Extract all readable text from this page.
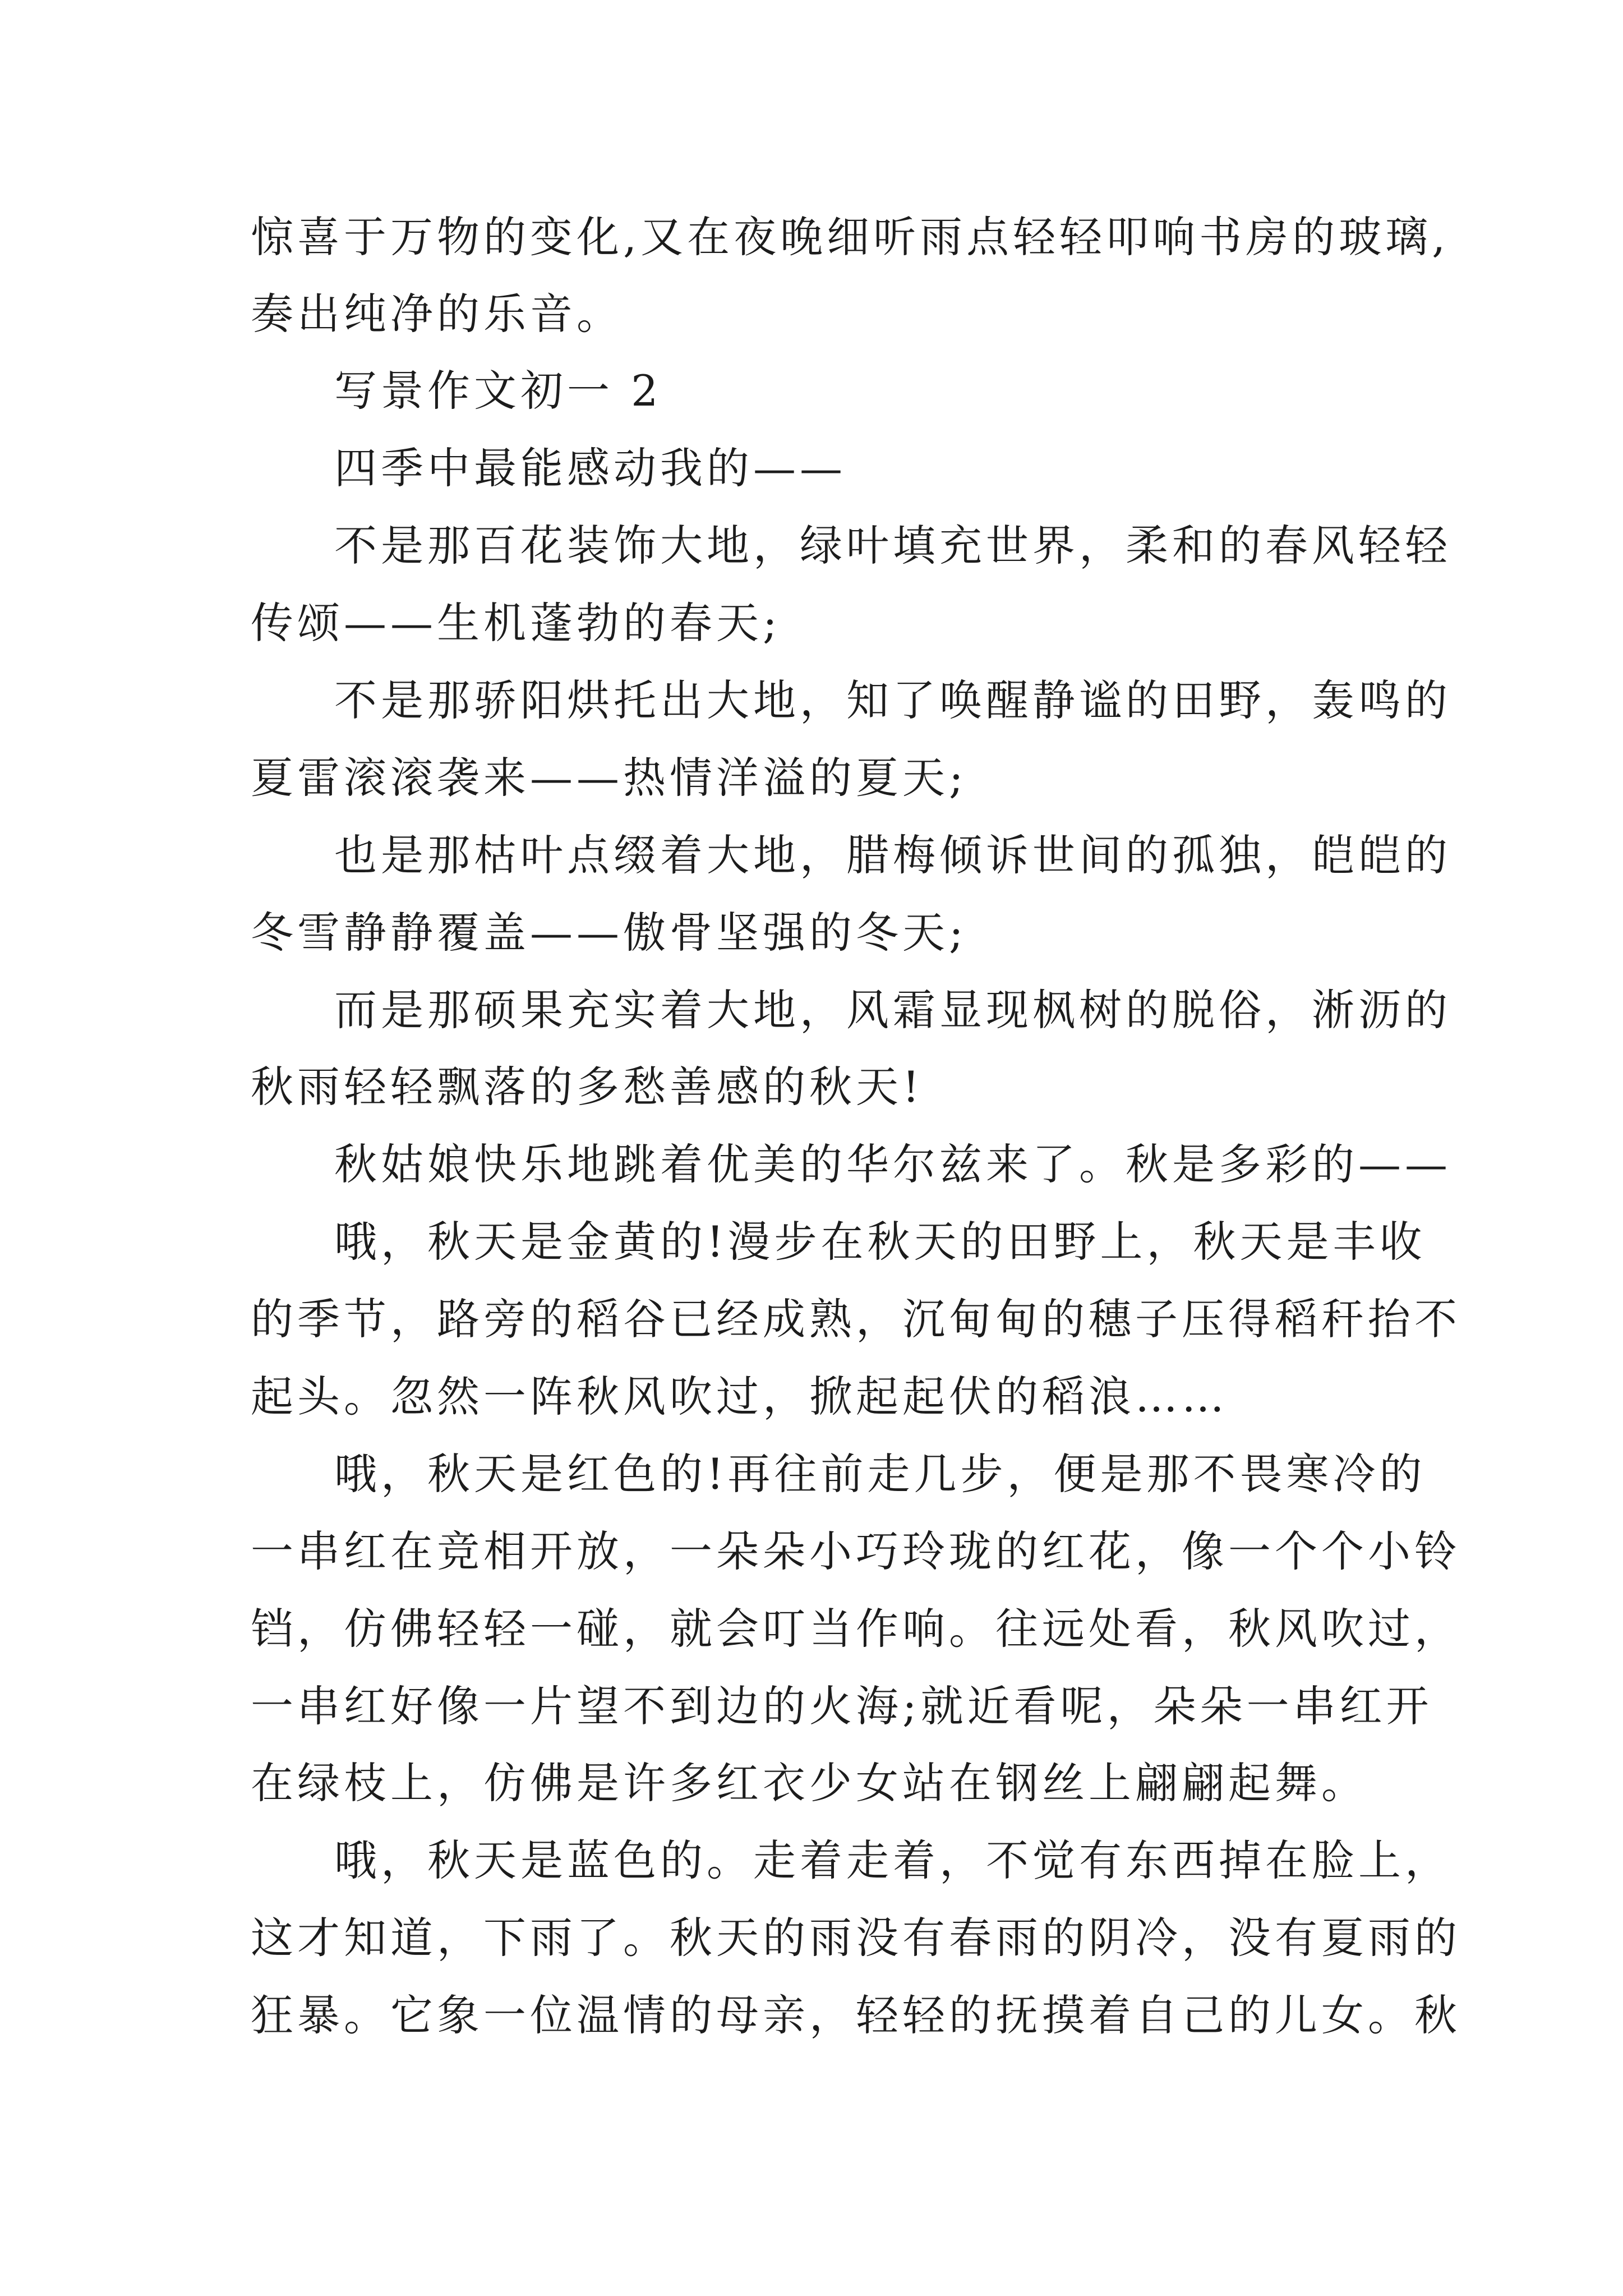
惊喜于万物的变化,又在夜晚细听雨点轻轻叩响书房的玻璃,
奏出纯净的乐音。
写景作文初一 2
四季中最能感动我的——
不是那百花装饰大地，绿叶填充世界，柔和的春风轻轻
传颂——生机蓬勃的春天;
不是那骄阳烘托出大地，知了唤醒静谧的田野，轰鸣的
夏雷滚滚袭来——热情洋溢的夏天;
也是那枯叶点缀着大地，腊梅倾诉世间的孤独，皑皑的
冬雪静静覆盖——傲骨坚强的冬天;
而是那硕果充实着大地，风霜显现枫树的脱俗，淅沥的
秋雨轻轻飘落的多愁善感的秋天!
秋姑娘快乐地跳着优美的华尔兹来了。秋是多彩的——
哦，秋天是金黄的!漫步在秋天的田野上，秋天是丰收
的季节，路旁的稻谷已经成熟，沉甸甸的穗子压得稻秆抬不
起头。忽然一阵秋风吹过，掀起起伏的稻浪……
哦，秋天是红色的!再往前走几步，便是那不畏寒冷的
一串红在竞相开放，一朵朵小巧玲珑的红花，像一个个小铃
铛，仿佛轻轻一碰，就会叮当作响。往远处看，秋风吹过，
一串红好像一片望不到边的火海;就近看呢，朵朵一串红开
在绿枝上，仿佛是许多红衣少女站在钢丝上翩翩起舞。
哦，秋天是蓝色的。走着走着，不觉有东西掉在脸上，
这才知道，下雨了。秋天的雨没有春雨的阴冷，没有夏雨的
狂暴。它象一位温情的母亲，轻轻的抚摸着自己的儿女。秋
